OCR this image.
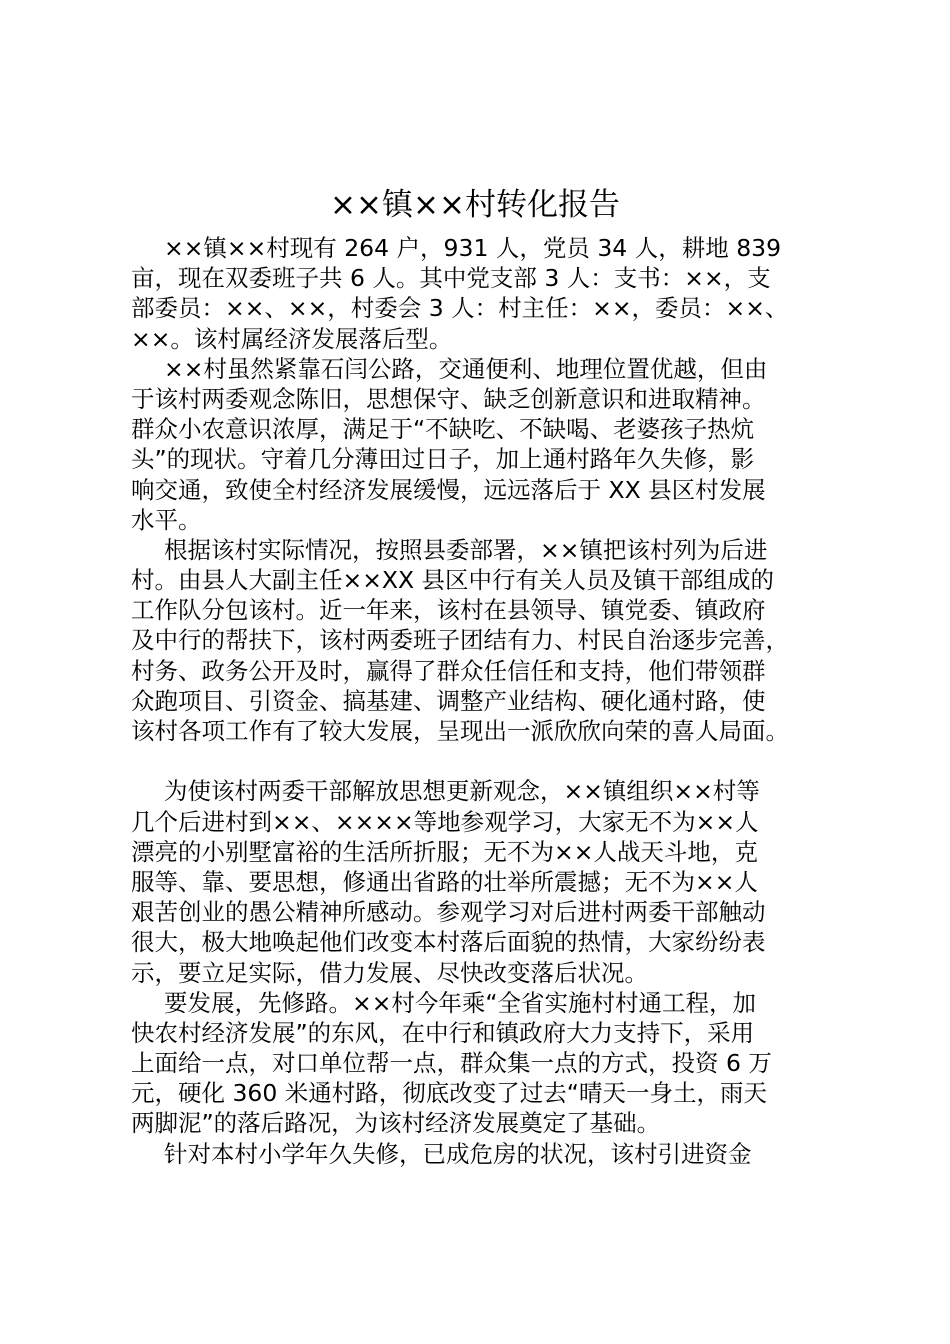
××镇××村转化报告
××镇××村现有 264 户，931 人，党员 34 人，耕地 839
亩，现在双委班子共 6 人。其中党支部 3 人：支书：××，支
部委员：××、××，村委会 3 人：村主任：××，委员：××、
××。该村属经济发展落后型。
××村虽然紧靠石闫公路，交通便利、地理位置优越，但由
于该村两委观念陈旧，思想保守、缺乏创新意识和进取精神。
群众小农意识浓厚，满足于“不缺吃、不缺喝、老婆孩子热炕
头”的现状。守着几分薄田过日子，加上通村路年久失修，影
响交通，致使全村经济发展缓慢，远远落后于 XX 县区村发展
水平。
根据该村实际情况，按照县委部署，××镇把该村列为后进
村。由县人大副主任××XX 县区中行有关人员及镇干部组成的
工作队分包该村。近一年来，该村在县领导、镇党委、镇政府
及中行的帮扶下，该村两委班子团结有力、村民自治逐步完善，
村务、政务公开及时，赢得了群众任信任和支持，他们带领群
众跑项目、引资金、搞基建、调整产业结构、硬化通村路，使
该村各项工作有了较大发展，呈现出一派欣欣向荣的喜人局面。
为使该村两委干部解放思想更新观念，××镇组织××村等
几个后进村到××、××××等地参观学习，大家无不为××人
漂亮的小别墅富裕的生活所折服；无不为××人战天斗地，克
服等、靠、要思想，修通出省路的壮举所震撼；无不为××人
艰苦创业的愚公精神所感动。参观学习对后进村两委干部触动
很大，极大地唤起他们改变本村落后面貌的热情，大家纷纷表
示，要立足实际，借力发展、尽快改变落后状况。
要发展，先修路。××村今年乘“全省实施村村通工程，加
快农村经济发展”的东风，在中行和镇政府大力支持下，采用
上面给一点，对口单位帮一点，群众集一点的方式，投资 6 万
元，硬化 360 米通村路，彻底改变了过去“晴天一身土，雨天
两脚泥”的落后路况，为该村经济发展奠定了基础。
针对本村小学年久失修，已成危房的状况，该村引进资金
